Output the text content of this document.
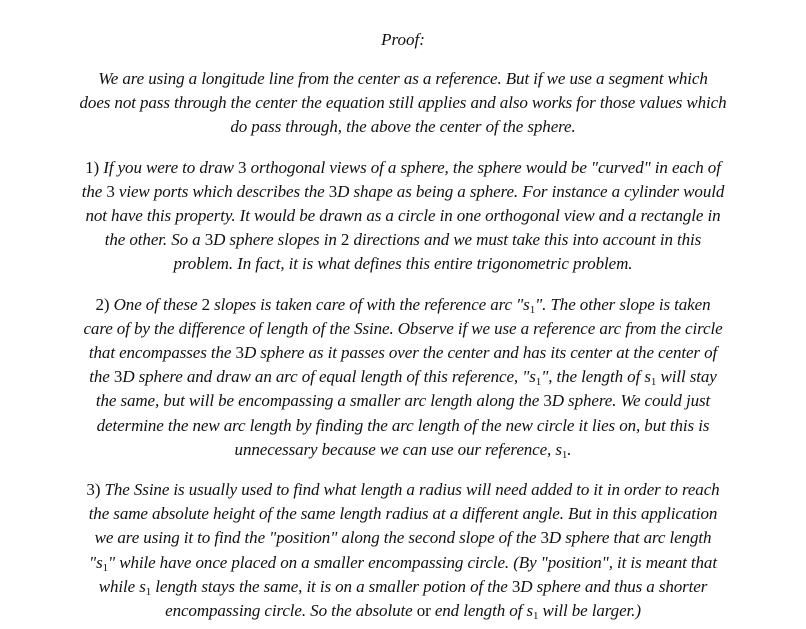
Proof:
We are using a longitude line from the center as a reference. But if we use a segment which
does not pass through the center the equation still applies and also works for those values which
do pass through, the above the center of the sphere.
1) If you were to draw 3 orthogonal views of a sphere, the sphere would be "curved" in each of
the 3 view ports which describes the 3D shape as being a sphere. For instance a cylinder would
not have this property. It would be drawn as a circle in one orthogonal view and a rectangle in
the other. So a 3D sphere slopes in 2 directions and we must take this into account in this
problem. In fact, it is what defines this entire trigonometric problem.
2) One of these 2 slopes is taken care of with the reference arc "$s_1$". The other slope is taken
care of by the difference of length of the Ssine. Observe if we use a reference arc from the circle
that encompasses the 3D sphere as it passes over the center and has its center at the center of
the 3D sphere and draw an arc of equal length of this reference, "$s_1$", the length of $s_1$ will stay
the same, but will be encompassing a smaller arc length along the 3D sphere. We could just
determine the new arc length by finding the arc length of the new circle it lies on, but this is
unnecessary because we can use our reference, $s_1$.
3) The Ssine is usually used to find what length a radius will need added to it in order to reach
the same absolute height of the same length radius at a different angle. But in this application
we are using it to find the "position" along the second slope of the 3D sphere that arc length
"$s_1$" while have once placed on a smaller encompassing circle. (By "position", it is meant that
while $s_1$ length stays the same, it is on a smaller potion of the 3D sphere and thus a shorter
encompassing circle. So the absolute or end length of $s_1$ will be larger.)
